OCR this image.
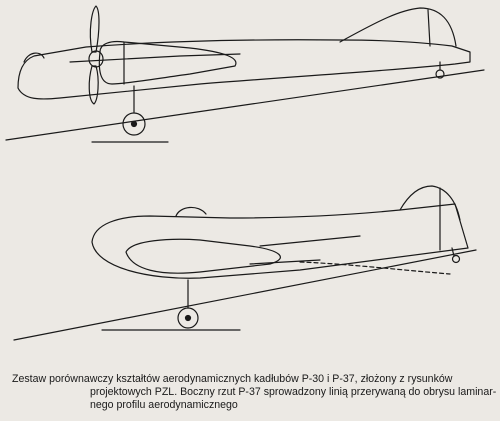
Zestaw porównawczy kształtów aerodynamicznych kadłubów P-30 i P-37, złożony z rysunków
projektowych PZL. Boczny rzut P-37 sprowadzony linią przerywaną do obrysu laminar-
nego profilu aerodynamicznego
